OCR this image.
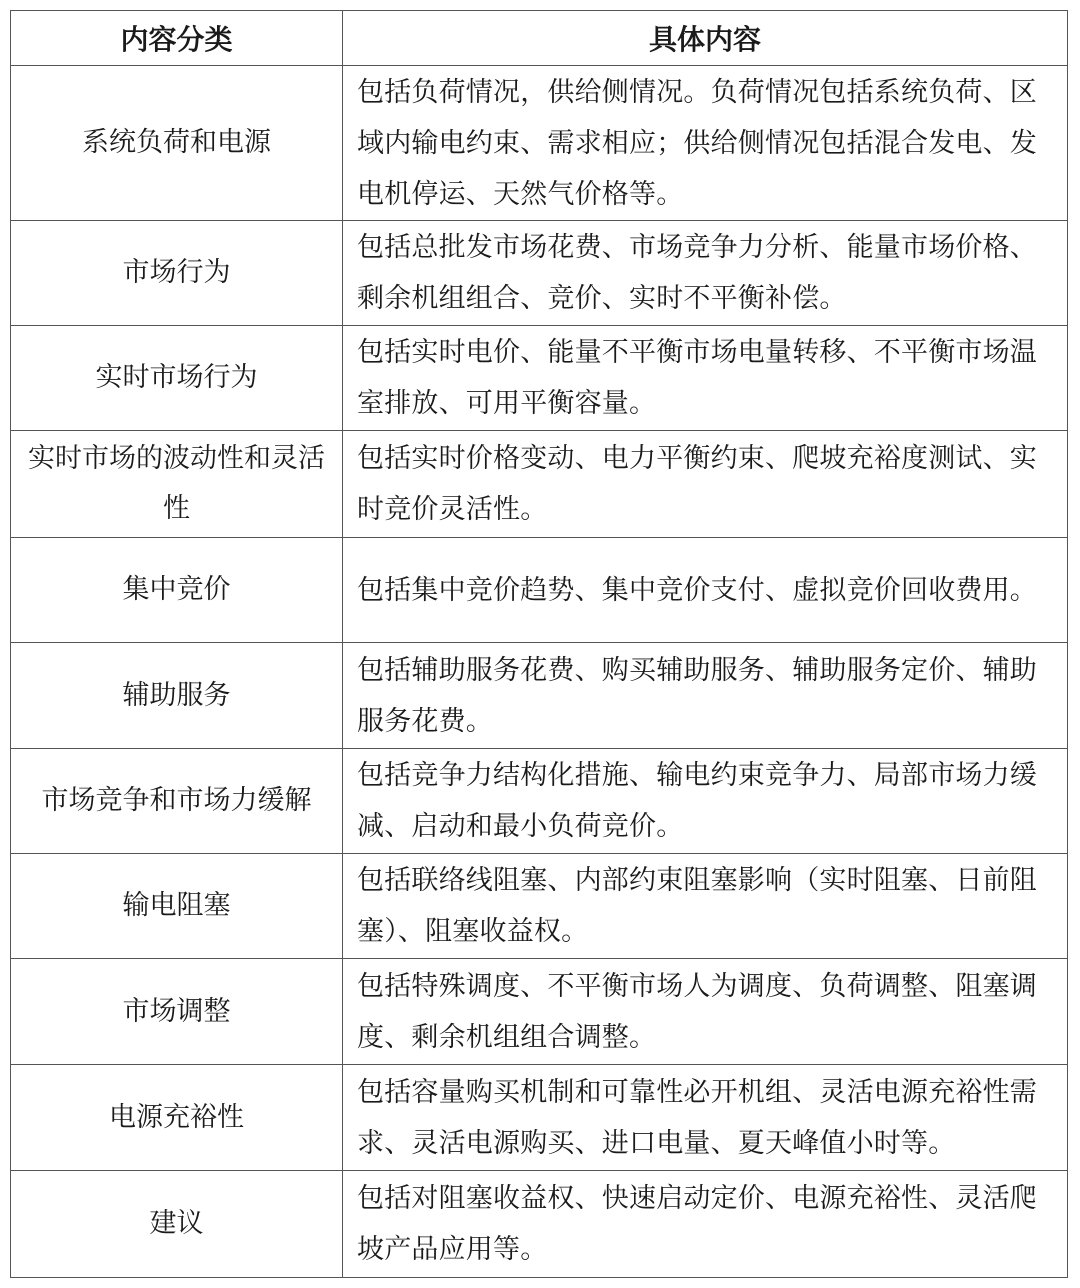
内容分类	具体内容
系统负荷和电源	包括负荷情况，供给侧情况。负荷情况包括系统负荷、区域内输电约束、需求相应；供给侧情况包括混合发电、发电机停运、天然气价格等。
市场行为	包括总批发市场花费、市场竞争力分析、能量市场价格、剩余机组组合、竞价、实时不平衡补偿。
实时市场行为	包括实时电价、能量不平衡市场电量转移、不平衡市场温室排放、可用平衡容量。
实时市场的波动性和灵活性	包括实时价格变动、电力平衡约束、爬坡充裕度测试、实时竞价灵活性。
集中竞价	包括集中竞价趋势、集中竞价支付、虚拟竞价回收费用。
辅助服务	包括辅助服务花费、购买辅助服务、辅助服务定价、辅助服务花费。
市场竞争和市场力缓解	包括竞争力结构化措施、输电约束竞争力、局部市场力缓减、启动和最小负荷竞价。
输电阻塞	包括联络线阻塞、内部约束阻塞影响（实时阻塞、日前阻塞）、阻塞收益权。
市场调整	包括特殊调度、不平衡市场人为调度、负荷调整、阻塞调度、剩余机组组合调整。
电源充裕性	包括容量购买机制和可靠性必开机组、灵活电源充裕性需求、灵活电源购买、进口电量、夏天峰值小时等。
建议	包括对阻塞收益权、快速启动定价、电源充裕性、灵活爬坡产品应用等。
